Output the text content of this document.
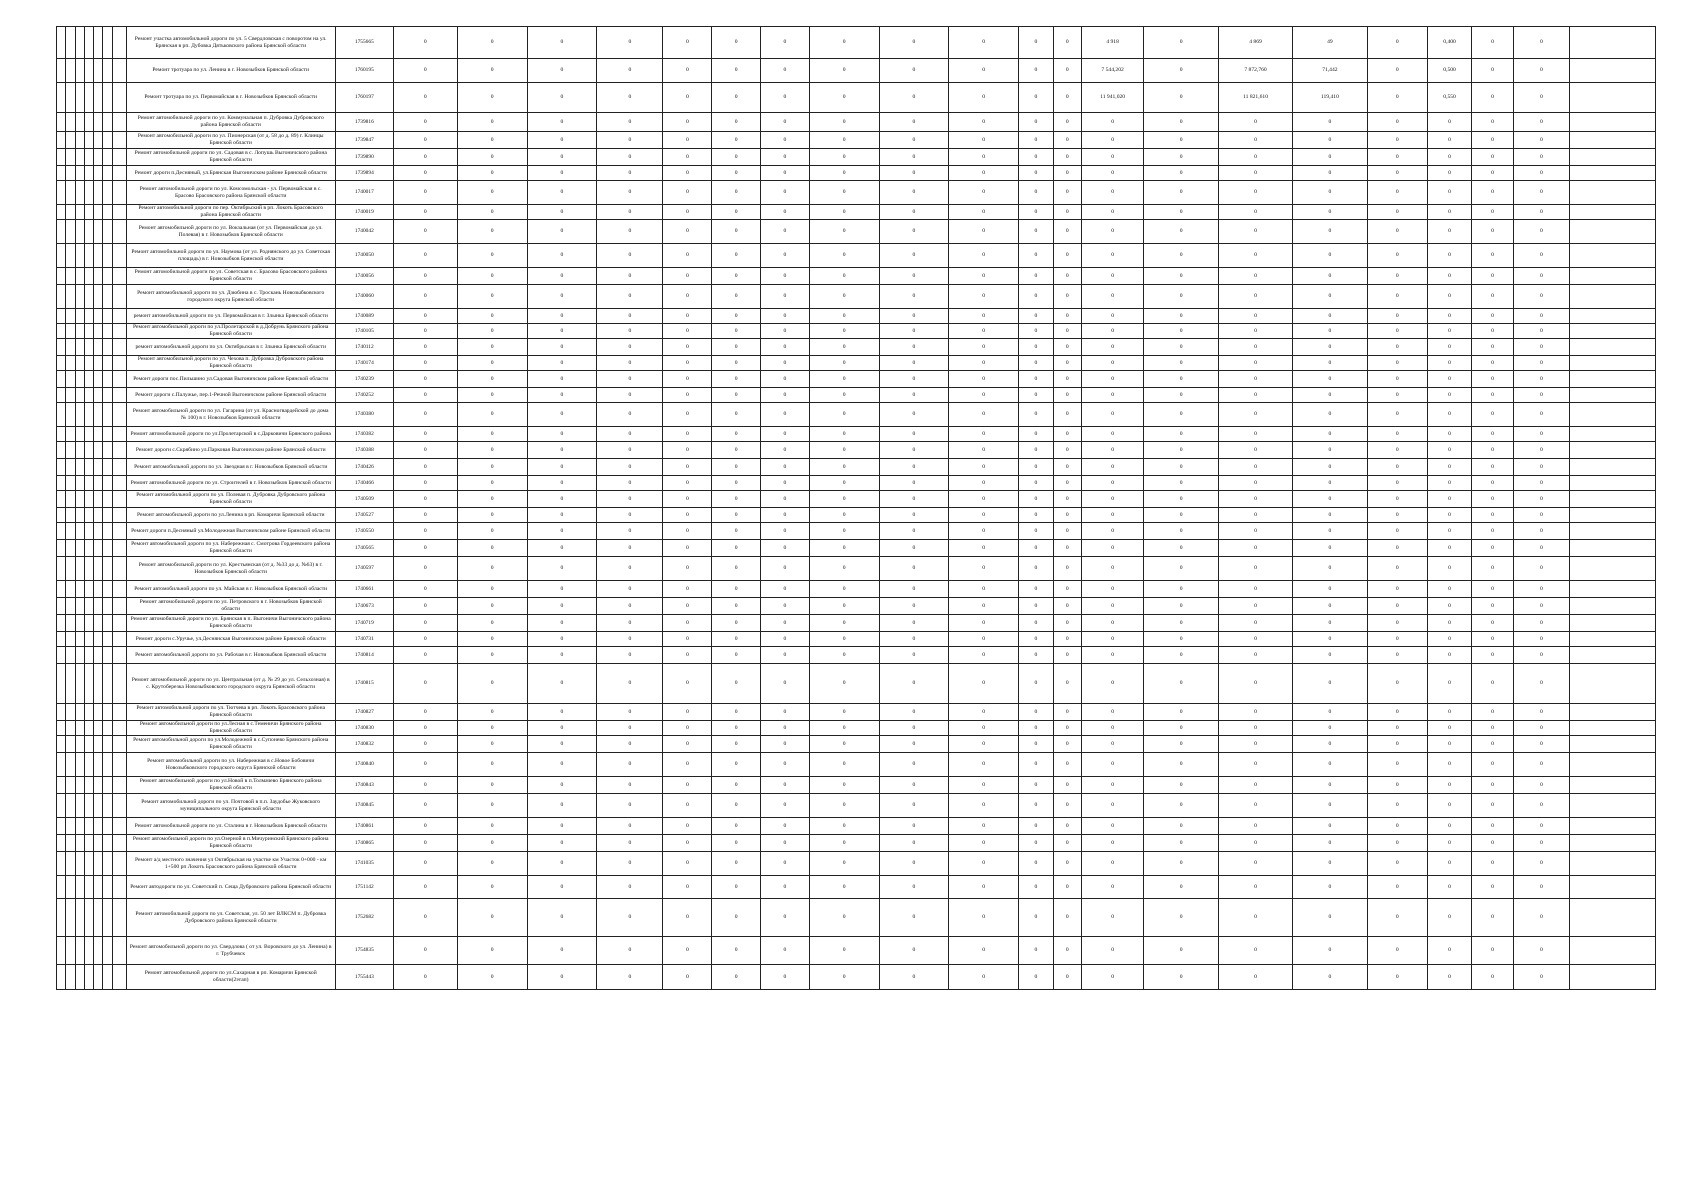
							Ремонт участка автомобильной дороги по ул. 5 Свердловская с поворотом на ул. Брянская в рп. Дубовка Дятьковского района Брянской области	1755665	0	0	0	0	0	0	0	0	0	0	0	0	4 918	0	4 869	49	0	0,400	0	0	
							Ремонт тротуара по ул. Ленина в г. Новозыбков Брянской области	1760195	0	0	0	0	0	0	0	0	0	0	0	0	7 544,202	0	7 872,760	71,442	0	0,500	0	0	
							Ремонт тротуара по ул. Первомайская в г. Новозыбков Брянской области	1760197	0	0	0	0	0	0	0	0	0	0	0	0	11 941,020	0	11 821,610	119,410	0	0,550	0	0	
							Ремонт автомобильной дороги по ул. Коммунальная п. Дубровка Дубровского района Брянской области	1739816	0	0	0	0	0	0	0	0	0	0	0	0	0	0	0	0	0	0	0	0	
							Ремонт автомобильной дороги по ул. Пионерская (от д. 58 до д. 89) г. Клинцы Брянской области	1739847	0	0	0	0	0	0	0	0	0	0	0	0	0	0	0	0	0	0	0	0	
							Ремонт автомобильной дороги по ул. Садовая в с. Лопушь Выгоничского района Брянской области	1739890	0	0	0	0	0	0	0	0	0	0	0	0	0	0	0	0	0	0	0	0	
							Ремонт дороги п.Десняный, ул.Брянская Выгоничском районе Брянской области	1739894	0	0	0	0	0	0	0	0	0	0	0	0	0	0	0	0	0	0	0	0	
							Ремонт автомобильной дороги по ул. Комсомольская - ул. Первомайская в с. Брасово Брасовского района Брянской области	1740017	0	0	0	0	0	0	0	0	0	0	0	0	0	0	0	0	0	0	0	0	
							Ремонт автомобильной дороги по пер. Октябрьский в рп. Локоть Брасовского района Брянской области	1740019	0	0	0	0	0	0	0	0	0	0	0	0	0	0	0	0	0	0	0	0	
							Ремонт автомобильной дороги по ул. Вокзальная (от ул. Первомайская до ул. Полевая) в г. Новозыбков Брянской области	1740042	0	0	0	0	0	0	0	0	0	0	0	0	0	0	0	0	0	0	0	0	
							Ремонт автомобильной дороги по ул. Наумова (от ул. Роднянского до ул. Советская площадь) в г. Новозыбков Брянской области	1740050	0	0	0	0	0	0	0	0	0	0	0	0	0	0	0	0	0	0	0	0	
							Ремонт автомобильной дороги по ул. Советская в с. Брасово Брасовского района Брянской области	1740056	0	0	0	0	0	0	0	0	0	0	0	0	0	0	0	0	0	0	0	0	
							Ремонт автомобильной дороги по ул. Дзюбина в с. Троскань Новозыбковского городского округа Брянской области	1740060	0	0	0	0	0	0	0	0	0	0	0	0	0	0	0	0	0	0	0	0	
							ремонт автомобильной дороги по ул. Первомайская в г. Злынка Брянской области	1740089	0	0	0	0	0	0	0	0	0	0	0	0	0	0	0	0	0	0	0	0	
							Ремонт автомобильной дороги по ул.Пролетарской в д.Добрунь Брянского района Брянской области	1740105	0	0	0	0	0	0	0	0	0	0	0	0	0	0	0	0	0	0	0	0	
							ремонт автомобильной дороги по ул. Октябрьская в г. Злынка Брянской области	1740112	0	0	0	0	0	0	0	0	0	0	0	0	0	0	0	0	0	0	0	0	
							Ремонт автомобильной дороги по ул. Чехова п. Дубровка Дубровского района Брянской области	1740174	0	0	0	0	0	0	0	0	0	0	0	0	0	0	0	0	0	0	0	0	
							Ремонт дороги пос.Пильшино ул.Садовая Выгоничском районе Брянской области	1740239	0	0	0	0	0	0	0	0	0	0	0	0	0	0	0	0	0	0	0	0	
							Ремонт дороги с.Палужье, пер.1-Речной Выгоничском районе Брянской области	1740252	0	0	0	0	0	0	0	0	0	0	0	0	0	0	0	0	0	0	0	0	
							Ремонт автомобильной дороги по ул. Гагарина (от ул. Красногвардейской до дома № 100) в г. Новозыбков Брянской области	1740380	0	0	0	0	0	0	0	0	0	0	0	0	0	0	0	0	0	0	0	0	
							Ремонт автомобильной дороги по ул.Пролетарской в с.Дарковичи Брянского района	1740382	0	0	0	0	0	0	0	0	0	0	0	0	0	0	0	0	0	0	0	0	
							Ремонт дороги с.Скрябино ул.Парковая Выгоничском районе Брянской области	1740388	0	0	0	0	0	0	0	0	0	0	0	0	0	0	0	0	0	0	0	0	
							Ремонт автомобильной дороги по ул. Звездная в г. Новозыбков Брянской области	1740426	0	0	0	0	0	0	0	0	0	0	0	0	0	0	0	0	0	0	0	0	
							Ремонт автомобильной дороги по ул. Строителей в г. Новозыбков Брянской области	1740466	0	0	0	0	0	0	0	0	0	0	0	0	0	0	0	0	0	0	0	0	
							Ремонт автомобильной дороги по ул. Полевая п. Дубровка Дубровского района Брянской области	1740509	0	0	0	0	0	0	0	0	0	0	0	0	0	0	0	0	0	0	0	0	
							Ремонт автомобильной дороги по ул.Ленина в рп. Комаричи Брянской области	1740527	0	0	0	0	0	0	0	0	0	0	0	0	0	0	0	0	0	0	0	0	
							Ремонт дороги п.Десняный ул.Молодежная Выгоничском районе Брянской области	1740550	0	0	0	0	0	0	0	0	0	0	0	0	0	0	0	0	0	0	0	0	
							Ремонт автомобильной дороги по ул. Набережная с. Смотрова Гордеевского района Брянской области	1740565	0	0	0	0	0	0	0	0	0	0	0	0	0	0	0	0	0	0	0	0	
							Ремонт автомобильной дороги по ул. Крестьянская (от д. №33 до д. №63) в г. Новозыбков Брянской области	1740597	0	0	0	0	0	0	0	0	0	0	0	0	0	0	0	0	0	0	0	0	
							Ремонт автомобильной дороги по ул. Майская в г. Новозыбков Брянской области	1740661	0	0	0	0	0	0	0	0	0	0	0	0	0	0	0	0	0	0	0	0	
							Ремонт автомобильной дороги по ул. Петровского в г. Новозыбков Брянской области	1740673	0	0	0	0	0	0	0	0	0	0	0	0	0	0	0	0	0	0	0	0	
							Ремонт автомобильной дороги по ул. Брянская в п. Выгоничи Выгоничского района Брянской области	1740719	0	0	0	0	0	0	0	0	0	0	0	0	0	0	0	0	0	0	0	0	
							Ремонт дороги с.Уручье, ул.Деснянская Выгоничском районе Брянской области	1740731	0	0	0	0	0	0	0	0	0	0	0	0	0	0	0	0	0	0	0	0	
							Ремонт автомобильной дороги по ул. Рабочая в г. Новозыбков Брянской области	1740814	0	0	0	0	0	0	0	0	0	0	0	0	0	0	0	0	0	0	0	0	
							Ремонт автомобильной дороги по ул. Центральная (от д. № 29 до ул. Сельхозная) в с. Крутоберезка Новозыбковского городского округа Брянской области	1740815	0	0	0	0	0	0	0	0	0	0	0	0	0	0	0	0	0	0	0	0	
							Ремонт автомобильной дороги по ул. Тютчева в рп. Локоть Брасовского района Брянской области	1740827	0	0	0	0	0	0	0	0	0	0	0	0	0	0	0	0	0	0	0	0	
							Ремонт автомобильной дороги по ул.Лесная в с.Теменичи Брянского района Брянской области	1740830	0	0	0	0	0	0	0	0	0	0	0	0	0	0	0	0	0	0	0	0	
							Ремонт автомобильной дороги по ул.Молодежной в с.Супонево Брянского района Брянской области	1740832	0	0	0	0	0	0	0	0	0	0	0	0	0	0	0	0	0	0	0	0	
							Ремонт автомобильной дороги по ул. Набережная в с.Новое Бобовичи Новозыбковского городского округа Брянской области	1740840	0	0	0	0	0	0	0	0	0	0	0	0	0	0	0	0	0	0	0	0	
							Ремонт автомобильной дороги по ул.Новой в п.Толмачево Брянского района Брянской области	1740843	0	0	0	0	0	0	0	0	0	0	0	0	0	0	0	0	0	0	0	0	
							Ремонт автомобильной дороги по ул. Почтовой в п.п. Заудобье Жуковского муниципального округа Брянской области	1740845	0	0	0	0	0	0	0	0	0	0	0	0	0	0	0	0	0	0	0	0	
							Ремонт автомобильной дороги по ул. Сталина в г. Новозыбков Брянской области	1740861	0	0	0	0	0	0	0	0	0	0	0	0	0	0	0	0	0	0	0	0	
							Ремонт автомобильной дороги по ул.Озерной в п.Мичуринский Брянского района Брянской области	1740865	0	0	0	0	0	0	0	0	0	0	0	0	0	0	0	0	0	0	0	0	
							Ремонт а/д местного значения ул Октябрьская на участке км Участок 0+000 - км 1+500 рп Локоть Брасовского района Брянской области	1741035	0	0	0	0	0	0	0	0	0	0	0	0	0	0	0	0	0	0	0	0	
							Ремонт автодороги по ул. Советский п. Сеща Дубровского района Брянской области	1751142	0	0	0	0	0	0	0	0	0	0	0	0	0	0	0	0	0	0	0	0	
							Ремонт автомобильной дороги по ул. Советская, ул. 50 лет ВЛКСМ п. Дубровка Дубровского района Брянской области	1752682	0	0	0	0	0	0	0	0	0	0	0	0	0	0	0	0	0	0	0	0	
							Ремонт автомобильной дороги по ул. Свердлова ( от ул. Воровского до ул. Ленина) в г. Трубчевск	1754835	0	0	0	0	0	0	0	0	0	0	0	0	0	0	0	0	0	0	0	0	
							Ремонт автомобильной дороги по ул.Сахарная в рп. Комаричи Брянской области(2этап)	1755443	0	0	0	0	0	0	0	0	0	0	0	0	0	0	0	0	0	0	0	0	
